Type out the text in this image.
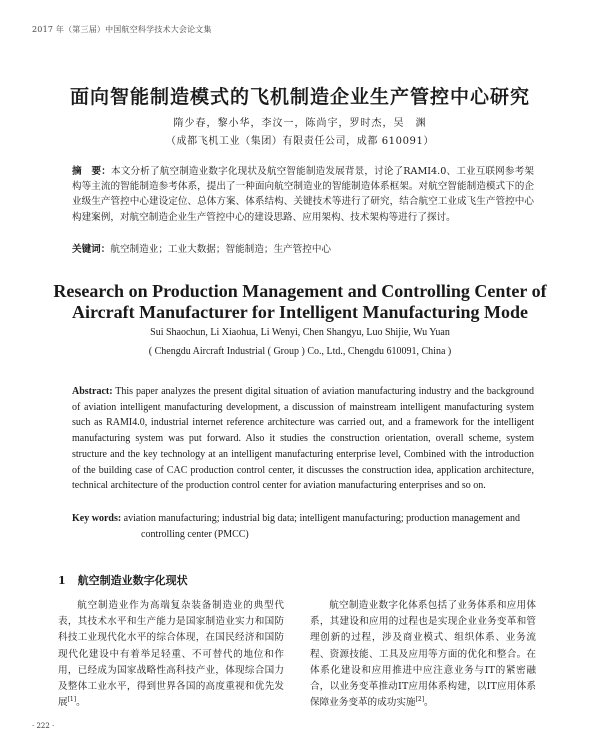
2017 年（第三届）中国航空科学技术大会论文集
面向智能制造模式的飞机制造企业生产管控中心研究
隋少春，黎小华，李汶一，陈尚宇，罗时杰，吴　渊
（成都飞机工业（集团）有限责任公司，成都 610091）
摘　要：本文分析了航空制造业数字化现状及航空智能制造发展背景，讨论了RAMI4.0、工业互联网参考架构等主流的智能制造参考体系，提出了一种面向航空制造业的智能制造体系框架。对航空智能制造模式下的企业级生产管控中心建设定位、总体方案、体系结构、关键技术等进行了研究，结合航空工业成飞生产管控中心构建案例，对航空制造企业生产管控中心的建设思路、应用架构、技术架构等进行了探讨。
关键词：航空制造业；工业大数据；智能制造；生产管控中心
Research on Production Management and Controlling Center of
Aircraft Manufacturer for Intelligent Manufacturing Mode
Sui Shaochun, Li Xiaohua, Li Wenyi, Chen Shangyu, Luo Shijie, Wu Yuan
( Chengdu Aircraft Industrial ( Group ) Co., Ltd., Chengdu 610091, China )
Abstract: This paper analyzes the present digital situation of aviation manufacturing industry and the background of aviation intelligent manufacturing development, a discussion of mainstream intelligent manufacturing system such as RAMI4.0, industrial internet reference architecture was carried out, and a framework for the intelligent manufacturing system was put forward. Also it studies the construction orientation, overall scheme, system structure and the key technology at an intelligent manufacturing enterprise level, Combined with the introduction of the building case of CAC production control center, it discusses the construction idea, application architecture, technical architecture of the production control center for aviation manufacturing enterprises and so on.
Key words: aviation manufacturing; industrial big data; intelligent manufacturing; production management and controlling center (PMCC)
1 航空制造业数字化现状

航空制造业作为高端复杂装备制造业的典型代表，其技术水平和生产能力是国家制造业实力和国防科技工业现代化水平的综合体现，在国民经济和国防现代化建设中有着举足轻重、不可替代的地位和作用，已经成为国家战略性高科技产业，体现综合国力及整体工业水平，得到世界各国的高度重视和优先发展[1]。

航空制造业数字化体系包括了业务体系和应用体系，其建设和应用的过程也是实现企业业务变革和管理创新的过程，涉及商业模式、组织体系、业务流程、资源技能、工具及应用等方面的优化和整合。在体系化建设和应用推进中应注意业务与IT的紧密融合，以业务变革推动IT应用体系构建，以IT应用体系保障业务变革的成功实施[2]。

· 222 ·
